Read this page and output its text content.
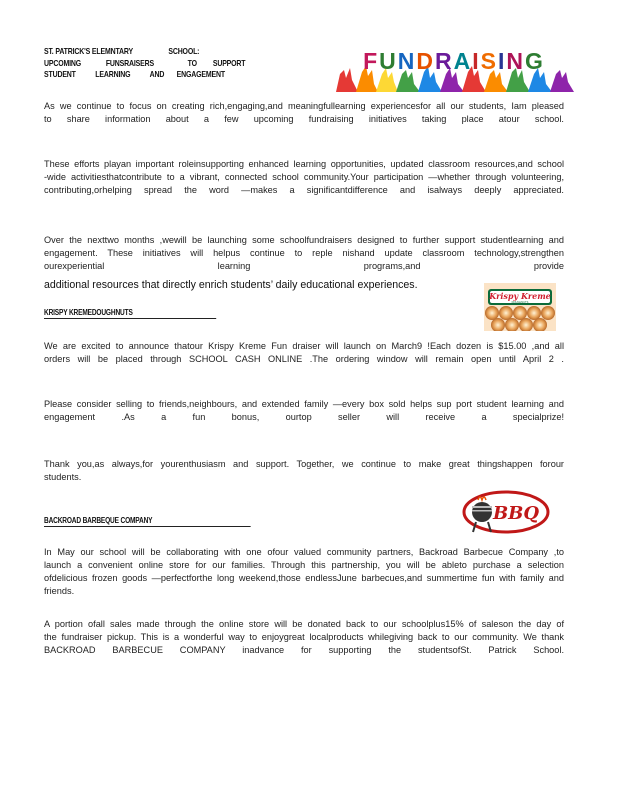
ST. PATRICK'S ELEMNTARY                    SCHOOL:
UPCOMING              FUNSRAISERS                   TO         SUPPORT
STUDENT           LEARNING           AND       ENGAGEMENT	FUNDRAISING
As we continue to focus on creating rich,engaging,and meaningfullearning experiencesfor all our students, Iam pleased to share information about a few upcoming fundraising initiatives taking place atour school.
These efforts playan important roleinsupporting enhanced learning opportunities, updated classroom resources,and school -wide activitiesthatcontribute to a vibrant, connected school community.Your participation —whether through volunteering, contributing,orhelping spread the word —makes a significantdifference and isalways deeply appreciated.
Over the nexttwo months ,wewill be launching some schoolfundraisers designed to further support studentlearning and engagement. These initiatives will helpus continue to reple nishand update classroom technology,strengthen ourexperiential learning programs,and provide
additional resources that directly enrich students’ daily educational experiences.
Krispy Kreme
DOUGHNUTS
KRISPY KREMEDOUGHNUTS
We are excited to announce thatour Krispy Kreme Fun draiser will launch on March9 !Each dozen is $15.00 ,and all orders will be placed through SCHOOL CASH ONLINE .The ordering window will remain open until April 2 .
Please consider selling to friends,neighbours, and extended family —every box sold helps sup port student learning and engagement .As a fun bonus, ourtop seller will receive a specialprize!
Thank you,as always,for yourenthusiasm and support. Together, we continue to make great thingshappen forour students.
BBQ
BACKROAD BARBEQUE COMPANY
In May our school will be collaborating with one ofour valued community partners, Backroad Barbecue Company ,to launch a convenient online store for our families. Through this partnership, you will be ableto purchase a selection ofdelicious frozen goods —perfectforthe long weekend,those endlessJune barbecues,and summertime fun with family and friends.
A portion ofall sales made through the online store will be donated back to our schoolplus15% of saleson the day of the fundraiser pickup. This is a wonderful way to enjoygreat localproducts whilegiving back to our community. We thank BACKROAD BARBECUE COMPANY inadvance for supporting the studentsofSt. Patrick School.
